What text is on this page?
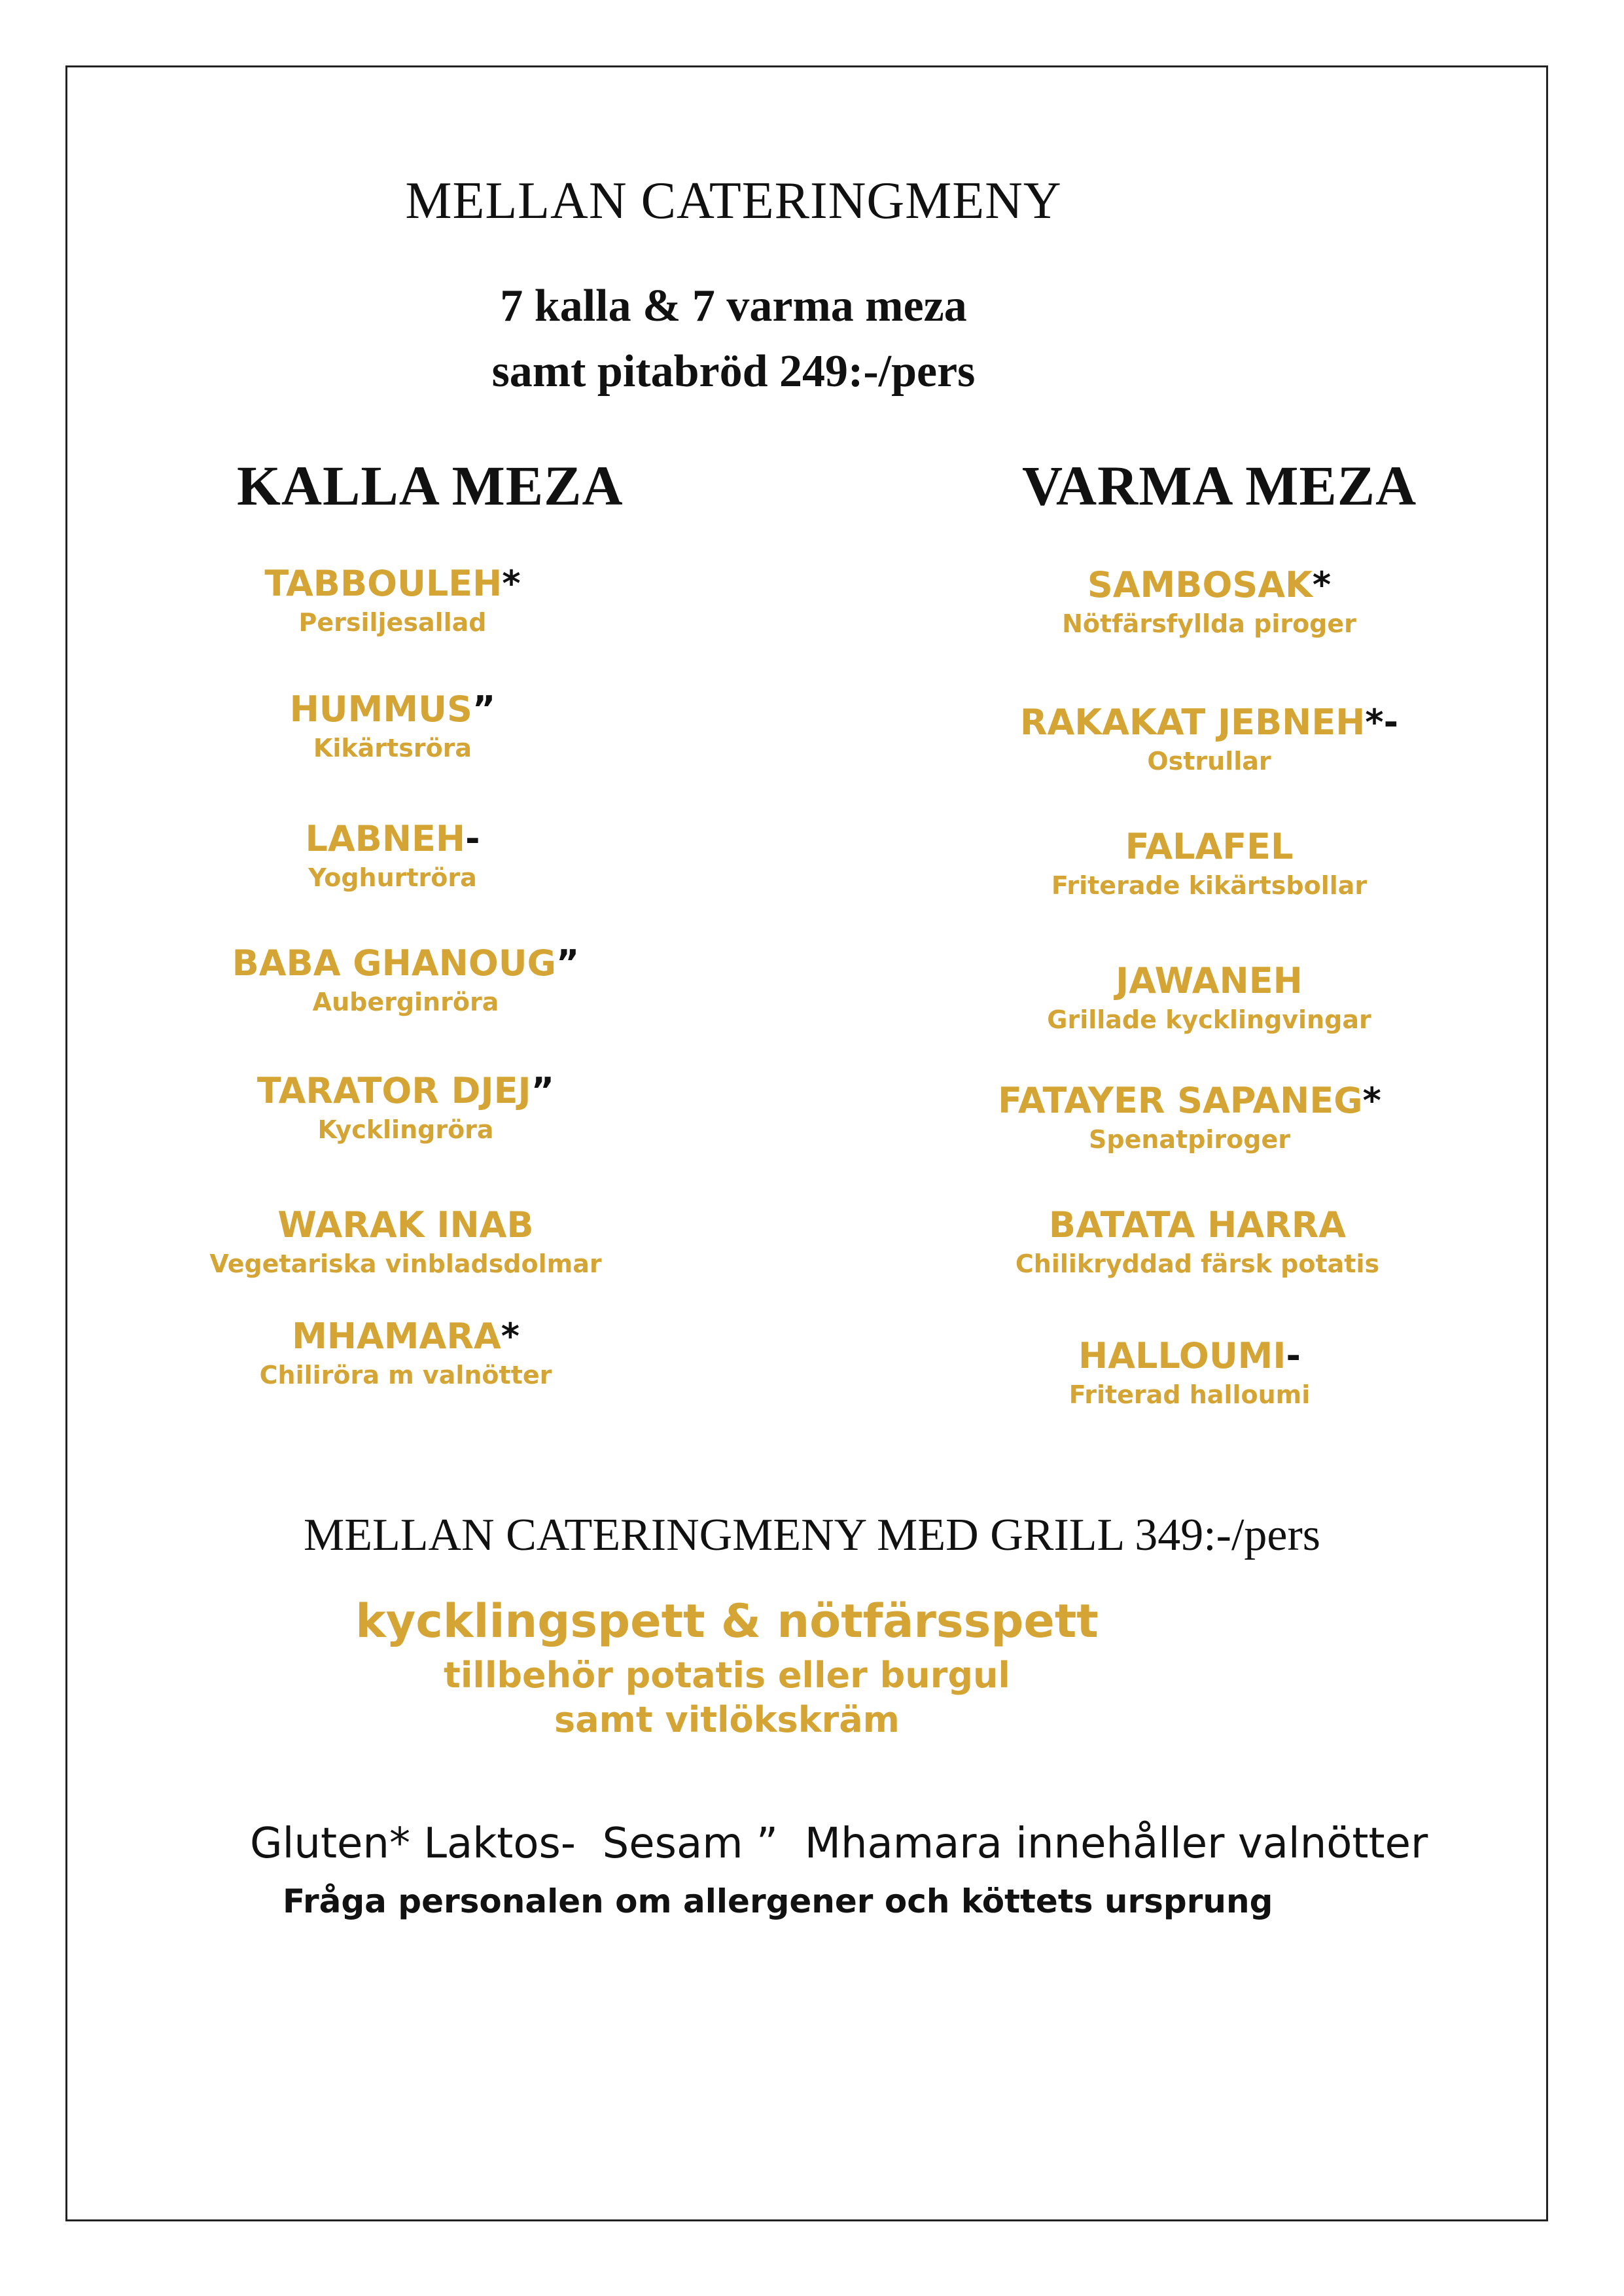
MELLAN CATERINGMENY
7 kalla & 7 varma meza
samt pitabröd 249:-/pers
KALLA MEZA	VARMA MEZA
TABBOULEH*
Persiljesallad
HUMMUS”
Kikärtsröra
LABNEH-
Yoghurtröra
BABA GHANOUG”
Auberginröra
TARATOR DJEJ”
Kycklingröra
WARAK INAB
Vegetariska vinbladsdolmar
MHAMARA*
Chiliröra m valnötter
SAMBOSAK*
Nötfärsfyllda piroger
RAKAKAT JEBNEH*-
Ostrullar
FALAFEL
Friterade kikärtsbollar
JAWANEH
Grillade kycklingvingar
FATAYER SAPANEG*
Spenatpiroger
BATATA HARRA
Chilikryddad färsk potatis
HALLOUMI-
Friterad halloumi
MELLAN CATERINGMENY MED GRILL 349:-/pers
kycklingspett & nötfärsspett
tillbehör potatis eller burgul
samt vitlökskräm
Gluten* Laktos-  Sesam ”  Mhamara innehåller valnötter
Fråga personalen om allergener och köttets ursprung
